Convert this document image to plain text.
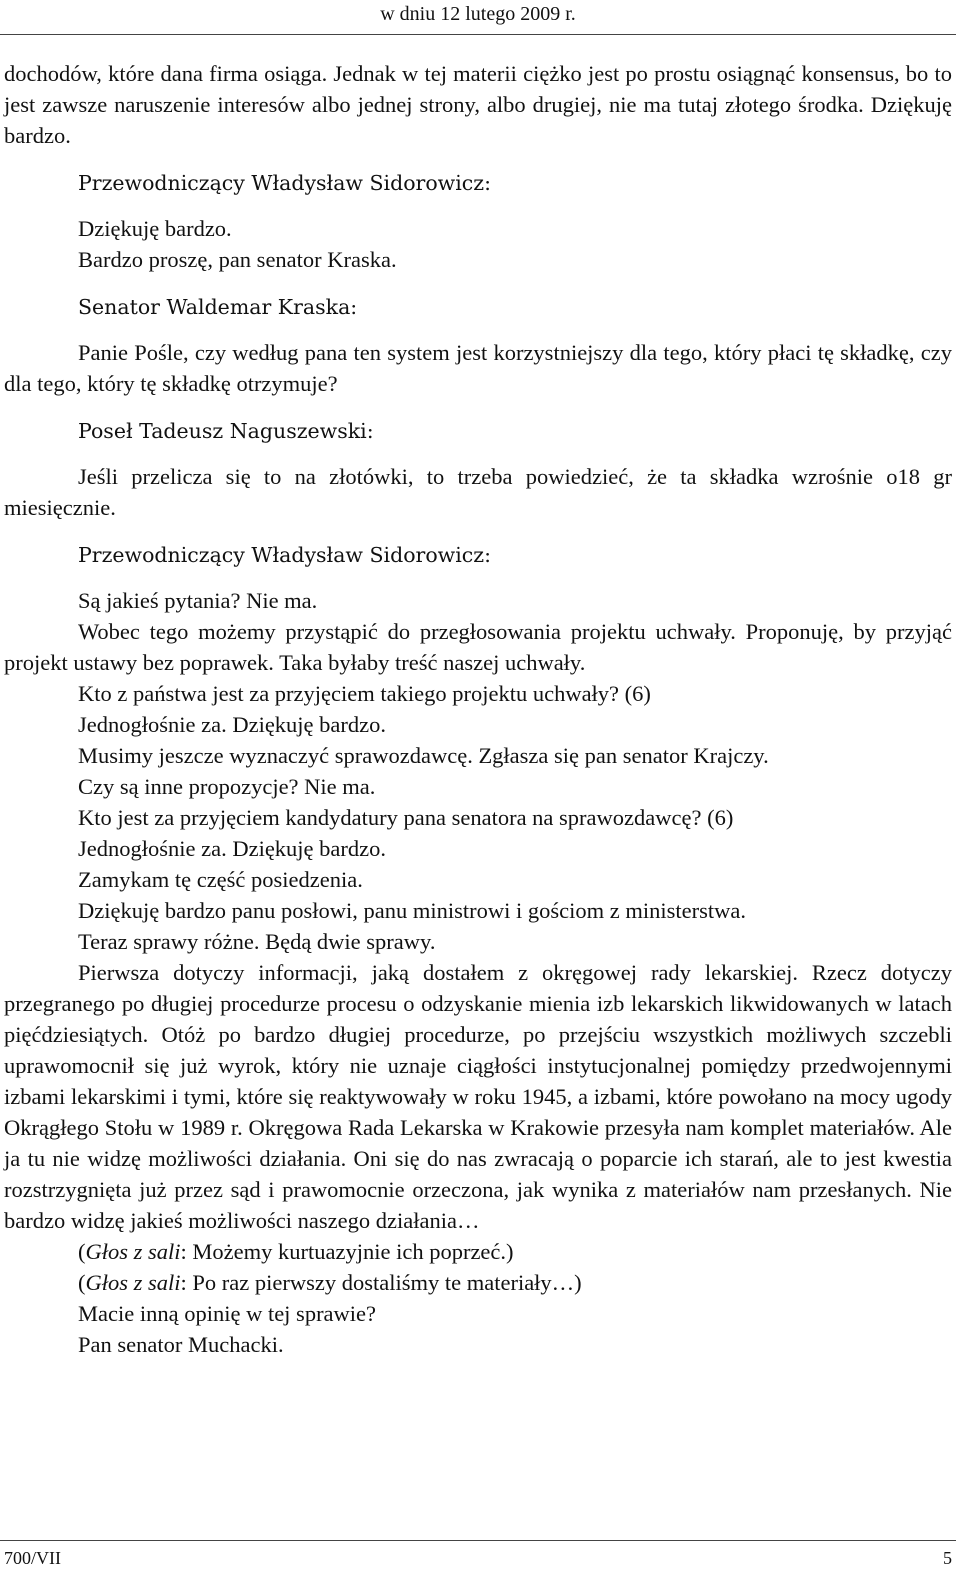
w dniu 12 lutego 2009 r.

dochodów, które dana firma osiąga. Jednak w tej materii ciężko jest po prostu osiągnąć konsensus, bo to jest zawsze naruszenie interesów albo jednej strony, albo drugiej, nie ma tutaj złotego środka. Dziękuję bardzo.

Przewodniczący Władysław Sidorowicz:

Dziękuję bardzo.

Bardzo proszę, pan senator Kraska.

Senator Waldemar Kraska:

Panie Pośle, czy według pana ten system jest korzystniejszy dla tego, który płaci tę składkę, czy dla tego, który tę składkę otrzymuje?

Poseł Tadeusz Naguszewski:

Jeśli przelicza się to na złotówki, to trzeba powiedzieć, że ta składka wzrośnie o18 gr miesięcznie.

Przewodniczący Władysław Sidorowicz:

Są jakieś pytania? Nie ma.

Wobec tego możemy przystąpić do przegłosowania projektu uchwały. Proponuję, by przyjąć projekt ustawy bez poprawek. Taka byłaby treść naszej uchwały.

Kto z państwa jest za przyjęciem takiego projektu uchwały? (6)

Jednogłośnie za. Dziękuję bardzo.

Musimy jeszcze wyznaczyć sprawozdawcę. Zgłasza się pan senator Krajczy.

Czy są inne propozycje? Nie ma.

Kto jest za przyjęciem kandydatury pana senatora na sprawozdawcę? (6)

Jednogłośnie za. Dziękuję bardzo.

Zamykam tę część posiedzenia.

Dziękuję bardzo panu posłowi, panu ministrowi i gościom z ministerstwa.

Teraz sprawy różne. Będą dwie sprawy.

Pierwsza dotyczy informacji, jaką dostałem z okręgowej rady lekarskiej. Rzecz dotyczy przegranego po długiej procedurze procesu o odzyskanie mienia izb lekarskich likwidowanych w latach pięćdziesiątych. Otóż po bardzo długiej procedurze, po przejściu wszystkich możliwych szczebli uprawomocnił się już wyrok, który nie uznaje ciągłości instytucjonalnej pomiędzy przedwojennymi izbami lekarskimi i tymi, które się reaktywowały w roku 1945, a izbami, które powołano na mocy ugody Okrągłego Stołu w 1989 r. Okręgowa Rada Lekarska w Krakowie przesyła nam komplet materiałów. Ale ja tu nie widzę możliwości działania. Oni się do nas zwracają o poparcie ich starań, ale to jest kwestia rozstrzygnięta już przez sąd i prawomocnie orzeczona, jak wynika z materiałów nam przesłanych. Nie bardzo widzę jakieś możliwości naszego działania…

(Głos z sali: Możemy kurtuazyjnie ich poprzeć.)

(Głos z sali: Po raz pierwszy dostaliśmy te materiały…)

Macie inną opinię w tej sprawie?

Pan senator Muchacki.

700/VII	5
